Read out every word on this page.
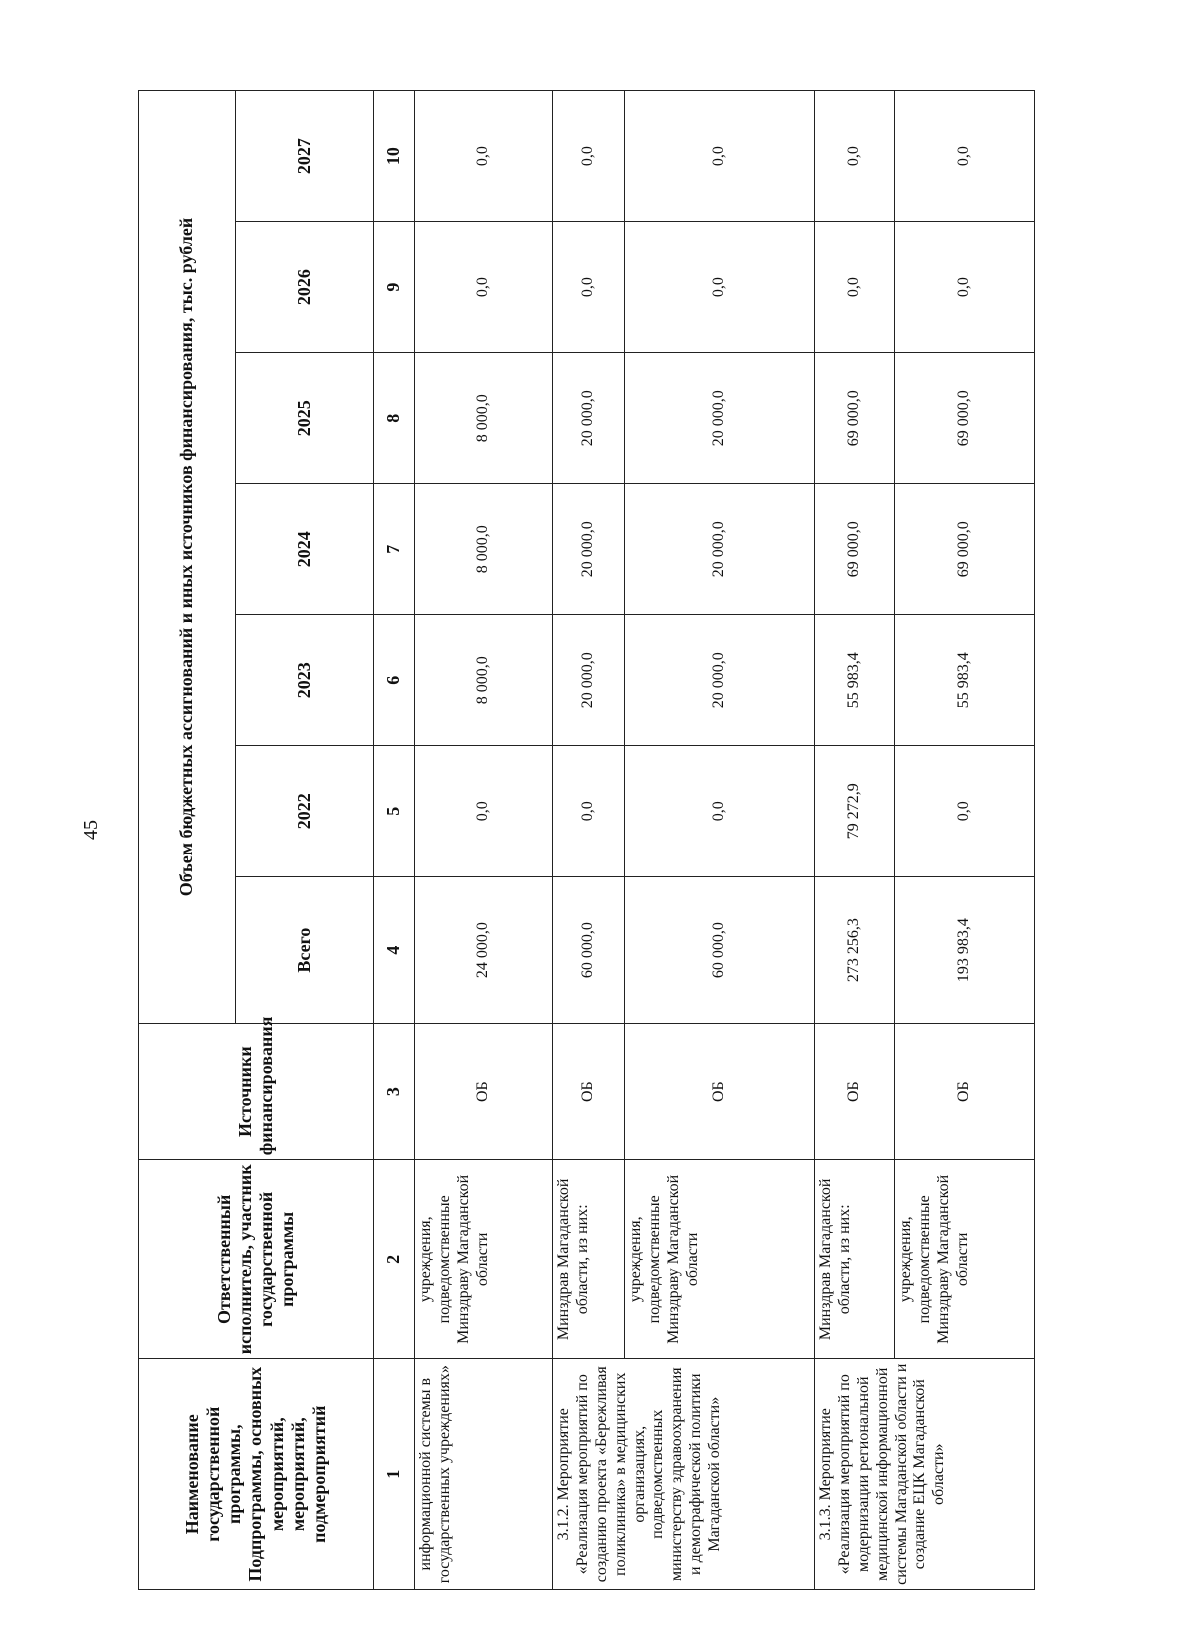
45
Наименование государственной программы, Подпрограммы, основных мероприятий, мероприятий, подмероприятий	Ответственный исполнитель, участник государственной программы	Источники финансирования	Объем бюджетных ассигнований и иных источников финансирования, тыс. рублей						
			Всего	2022	2023	2024	2025	2026	2027
1	2	3	4	5	6	7	8	9	10
информационной системы в государственных учреждениях»	учреждения, подведомственные Минздраву Магаданской области	ОБ	24 000,0	0,0	8 000,0	8 000,0	8 000,0	0,0	0,0
3.1.2. Мероприятие «Реализация мероприятий по созданию проекта «Бережливая поликлиника» в медицинских организациях, подведомственных министерству здравоохранения и демографической политики Магаданской области»	Минздрав Магаданской области, из них:	ОБ	60 000,0	0,0	20 000,0	20 000,0	20 000,0	0,0	0,0
	учреждения, подведомственные Минздраву Магаданской области	ОБ	60 000,0	0,0	20 000,0	20 000,0	20 000,0	0,0	0,0
3.1.3. Мероприятие «Реализация мероприятий по модернизации региональной медицинской информационной системы Магаданской области и создание ЕЦК Магаданской области»	Минздрав Магаданской области, из них:	ОБ	273 256,3	79 272,9	55 983,4	69 000,0	69 000,0	0,0	0,0
	учреждения, подведомственные Минздраву Магаданской области	ОБ	193 983,4	0,0	55 983,4	69 000,0	69 000,0	0,0	0,0
